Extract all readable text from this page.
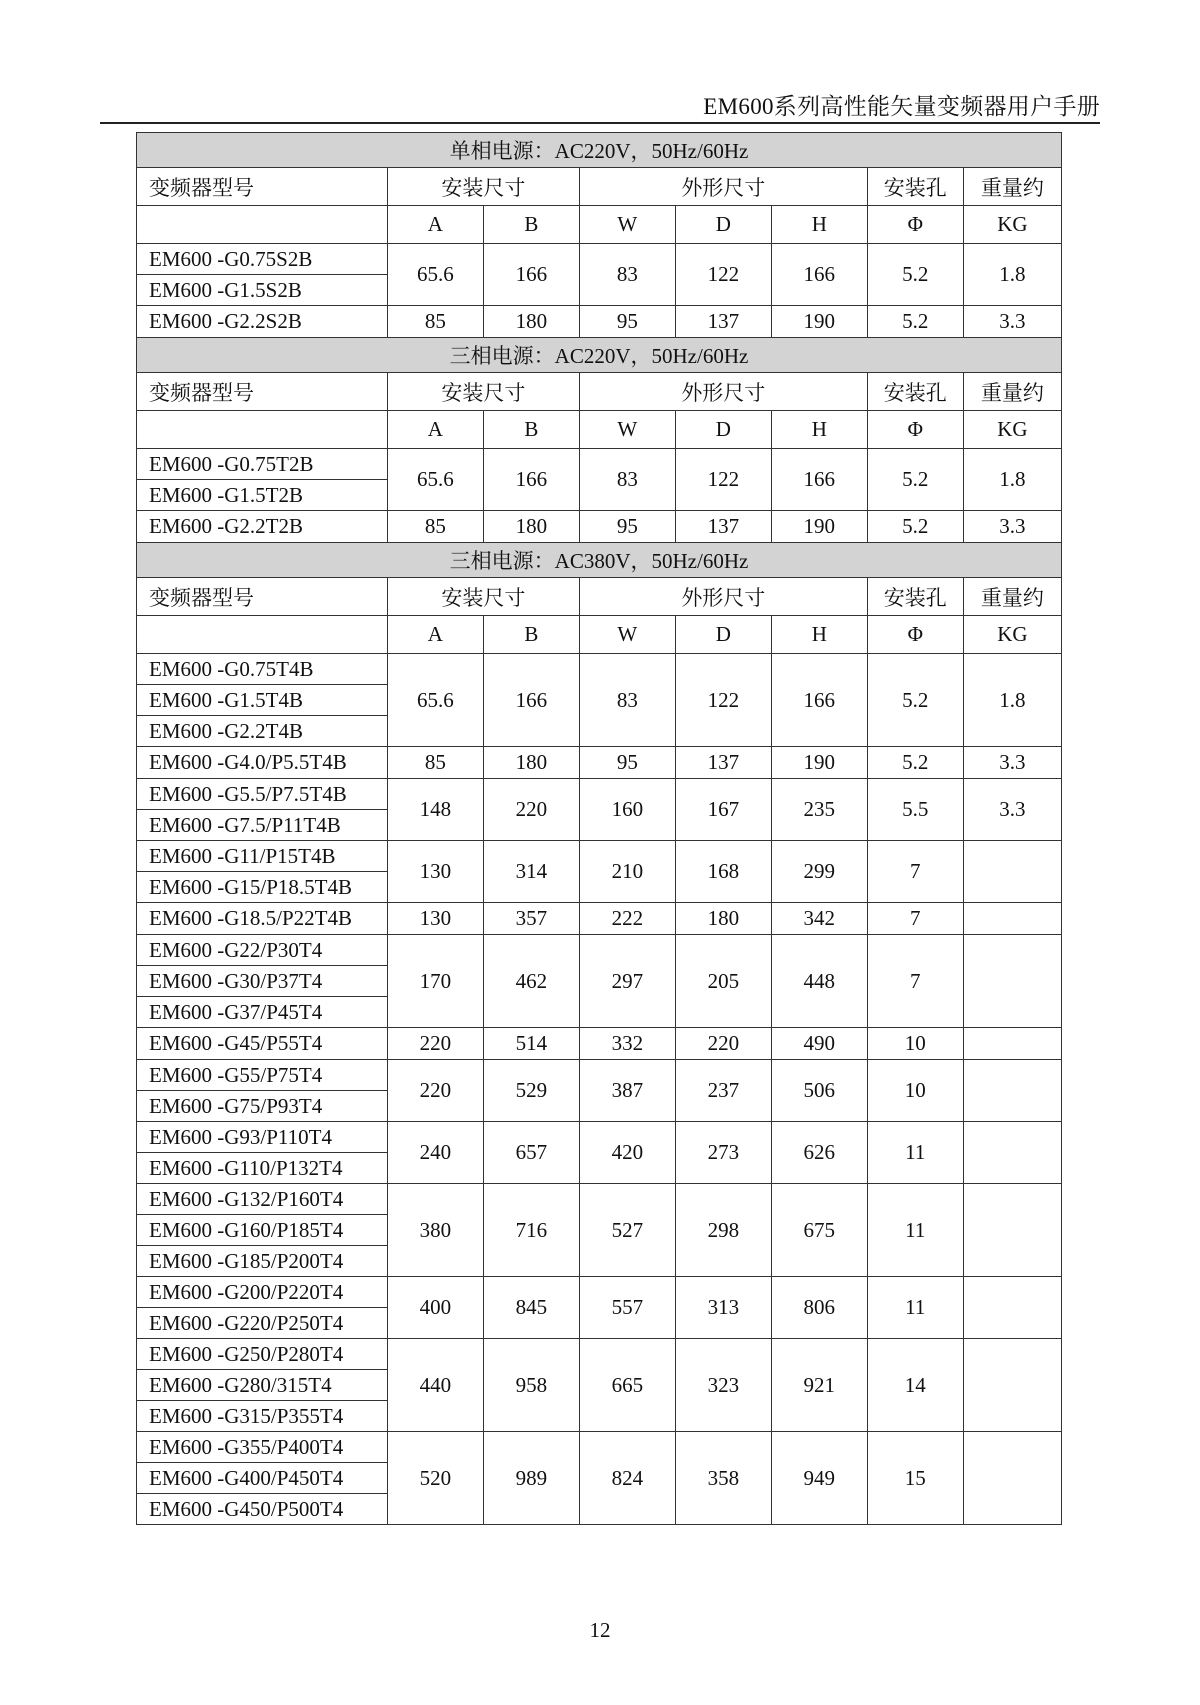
EM600系列高性能矢量变频器用户手册
单相电源：AC220V，50Hz/60Hz							
变频器型号	安装尺寸		外形尺寸			安装孔	重量约
	A	B	W	D	H	Φ	KG
EM600 -G0.75S2B	65.6	166	83	122	166	5.2	1.8
EM600 -G1.5S2B							
EM600 -G2.2S2B	85	180	95	137	190	5.2	3.3
三相电源：AC220V，50Hz/60Hz							
变频器型号	安装尺寸		外形尺寸			安装孔	重量约
	A	B	W	D	H	Φ	KG
EM600 -G0.75T2B	65.6	166	83	122	166	5.2	1.8
EM600 -G1.5T2B							
EM600 -G2.2T2B	85	180	95	137	190	5.2	3.3
三相电源：AC380V，50Hz/60Hz							
变频器型号	安装尺寸		外形尺寸			安装孔	重量约
	A	B	W	D	H	Φ	KG
EM600 -G0.75T4B	65.6	166	83	122	166	5.2	1.8
EM600 -G1.5T4B							
EM600 -G2.2T4B							
EM600 -G4.0/P5.5T4B	85	180	95	137	190	5.2	3.3
EM600 -G5.5/P7.5T4B	148	220	160	167	235	5.5	3.3
EM600 -G7.5/P11T4B							
EM600 -G11/P15T4B	130	314	210	168	299	7	
EM600 -G15/P18.5T4B							
EM600 -G18.5/P22T4B	130	357	222	180	342	7	
EM600 -G22/P30T4	170	462	297	205	448	7	
EM600 -G30/P37T4							
EM600 -G37/P45T4							
EM600 -G45/P55T4	220	514	332	220	490	10	
EM600 -G55/P75T4	220	529	387	237	506	10	
EM600 -G75/P93T4							
EM600 -G93/P110T4	240	657	420	273	626	11	
EM600 -G110/P132T4							
EM600 -G132/P160T4	380	716	527	298	675	11	
EM600 -G160/P185T4							
EM600 -G185/P200T4							
EM600 -G200/P220T4	400	845	557	313	806	11	
EM600 -G220/P250T4							
EM600 -G250/P280T4	440	958	665	323	921	14	
EM600 -G280/315T4							
EM600 -G315/P355T4							
EM600 -G355/P400T4	520	989	824	358	949	15	
EM600 -G400/P450T4							
EM600 -G450/P500T4							
12
